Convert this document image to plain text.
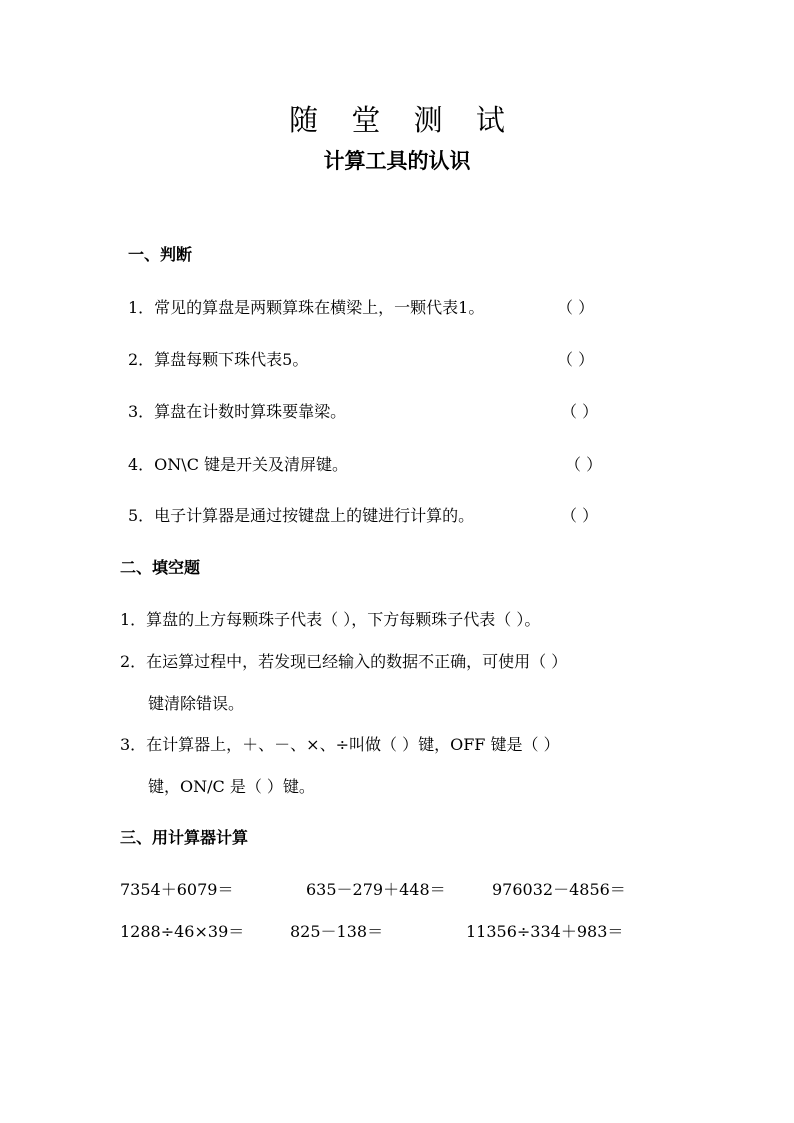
随 堂 测 试
计算工具的认识
一、判断
1．常见的算盘是两颗算珠在横梁上，一颗代表1。	（ ）
2．算盘每颗下珠代表5。	（ ）
3．算盘在计数时算珠要靠梁。	（ ）
4．ON\C 键是开关及清屏键。	（ ）
5．电子计算器是通过按键盘上的键进行计算的。	（ ）
二、填空题
1．算盘的上方每颗珠子代表（ ），下方每颗珠子代表（ ）。
2．在运算过程中，若发现已经输入的数据不正确，可使用（ ）
键清除错误。
3．在计算器上，＋、－、×、÷叫做（ ）键，OFF 键是（ ）
键，ON/C 是（ ）键。
三、用计算器计算
7354＋6079＝	635－279＋448＝	976032－4856＝
1288÷46×39＝	825－138＝	11356÷334＋983＝
